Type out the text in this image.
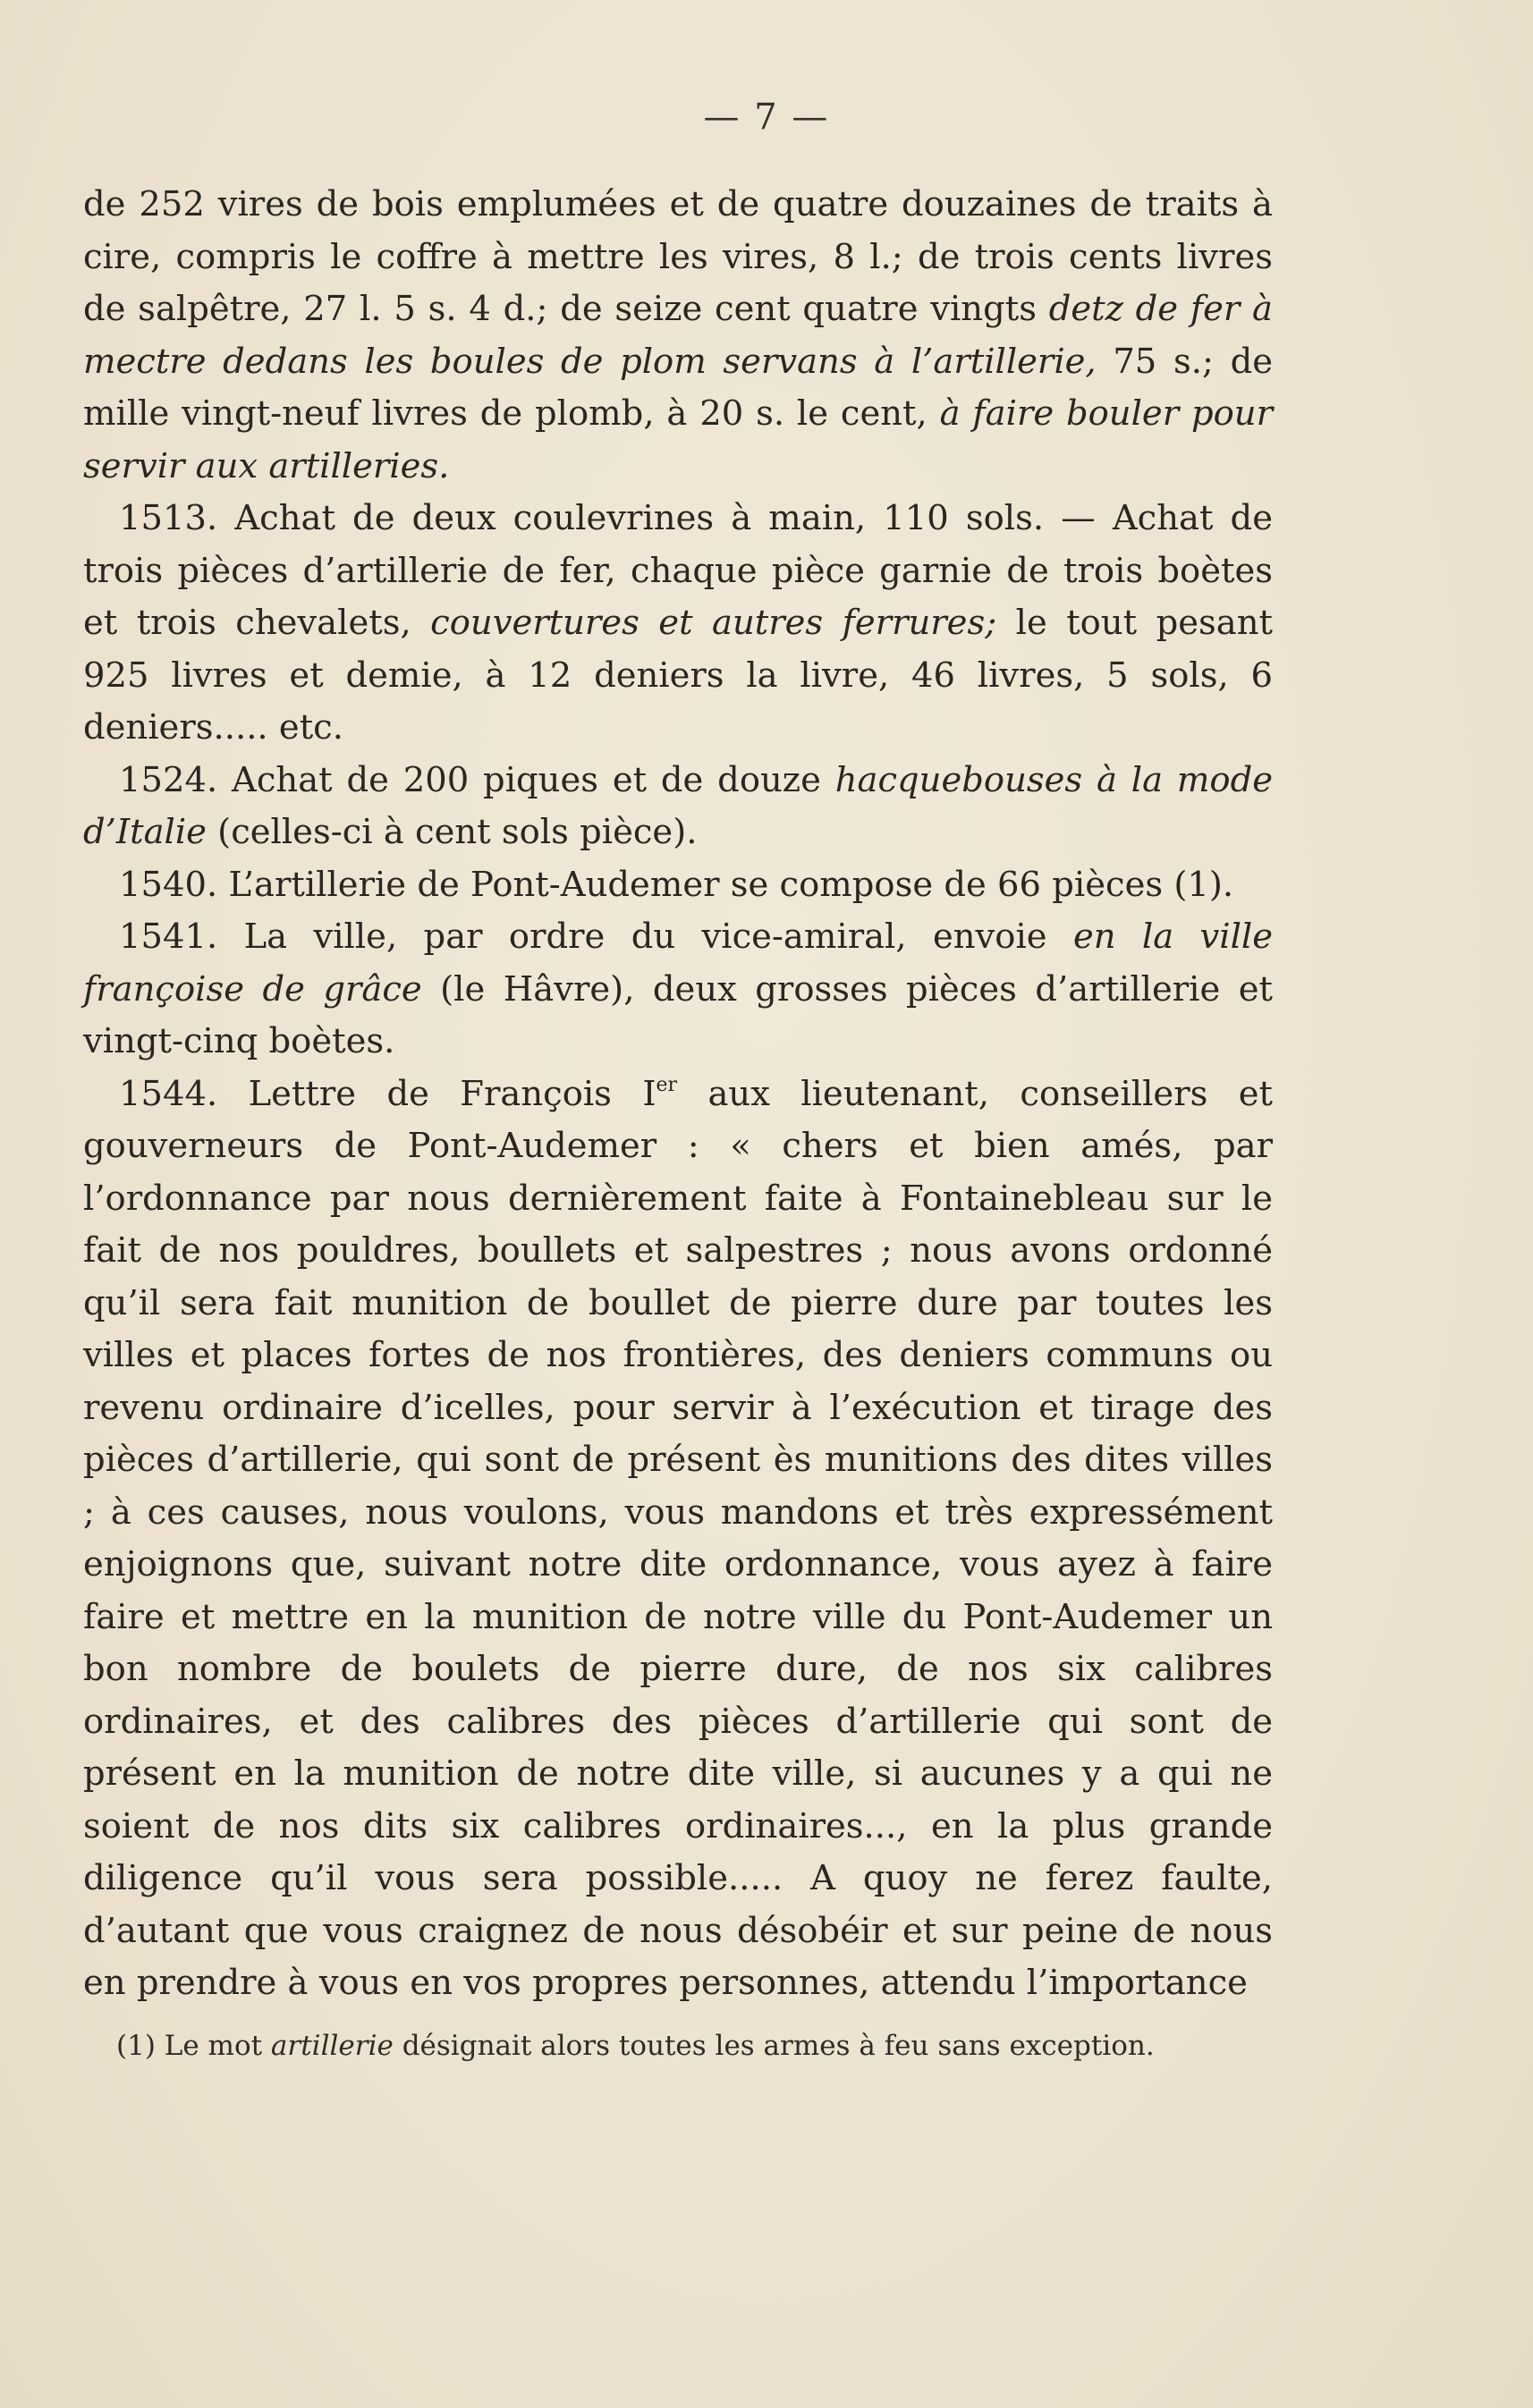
— 7 —

de 252 vires de bois emplumées et de quatre douzaines de traits à cire, compris le coffre à mettre les vires, 8 l.; de trois cents livres de salpêtre, 27 l. 5 s. 4 d.; de seize cent quatre vingts detz de fer à mectre dedans les boules de plom servans à l’artillerie, 75 s.; de mille vingt-neuf livres de plomb, à 20 s. le cent, à faire bouler pour servir aux artilleries.

1513. Achat de deux coulevrines à main, 110 sols. — Achat de trois pièces d’artillerie de fer, chaque pièce garnie de trois boètes et trois chevalets, couvertures et autres ferrures; le tout pesant 925 livres et demie, à 12 deniers la livre, 46 livres, 5 sols, 6 deniers..... etc.

1524. Achat de 200 piques et de douze hacquebouses à la mode d’Italie (celles-ci à cent sols pièce).

1540. L’artillerie de Pont-Audemer se compose de 66 pièces (1).

1541. La ville, par ordre du vice-amiral, envoie en la ville françoise de grâce (le Hâvre), deux grosses pièces d’artillerie et vingt-cinq boètes.

1544. Lettre de François Ier aux lieutenant, conseillers et gouverneurs de Pont-Audemer : « chers et bien amés, par l’ordonnance par nous dernièrement faite à Fontainebleau sur le fait de nos pouldres, boullets et salpestres ; nous avons ordonné qu’il sera fait munition de boullet de pierre dure par toutes les villes et places fortes de nos frontières, des deniers communs ou revenu ordinaire d’icelles, pour servir à l’exécution et tirage des pièces d’artillerie, qui sont de présent ès munitions des dites villes ; à ces causes, nous voulons, vous mandons et très expressément enjoignons que, suivant notre dite ordonnance, vous ayez à faire faire et mettre en la munition de notre ville du Pont-Audemer un bon nombre de boulets de pierre dure, de nos six calibres ordinaires, et des calibres des pièces d’artillerie qui sont de présent en la munition de notre dite ville, si aucunes y a qui ne soient de nos dits six calibres ordinaires..., en la plus grande diligence qu’il vous sera possible..... A quoy ne ferez faulte, d’autant que vous craignez de nous désobéir et sur peine de nous en prendre à vous en vos propres personnes, attendu l’importance

(1) Le mot artillerie désignait alors toutes les armes à feu sans exception.
